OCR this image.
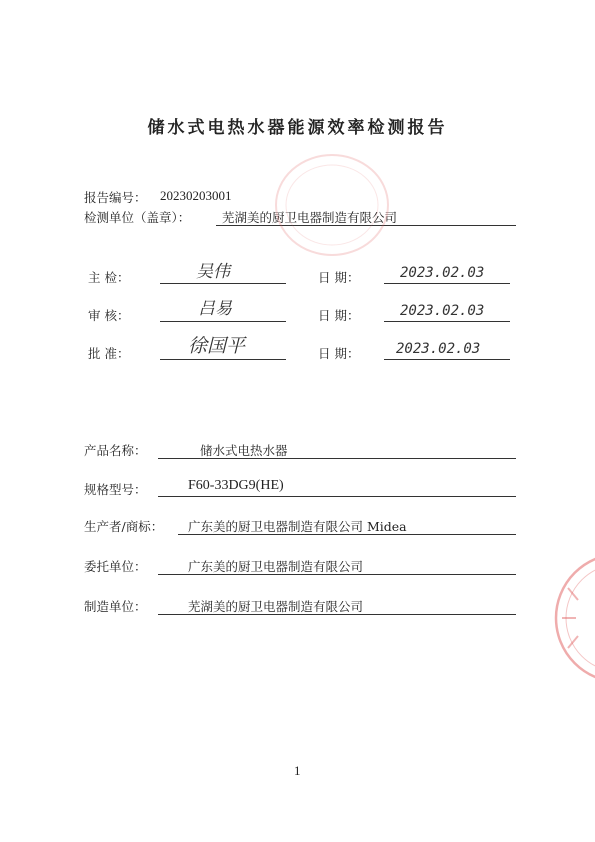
储水式电热水器能源效率检测报告
报告编号： 20230203001
检测单位（盖章）：	芜湖美的厨卫电器制造有限公司
主 检：	吴伟	日 期：	2023.02.03
审 核：	吕易	日 期：	2023.02.03
批 准：	徐国平	日 期：	2023.02.03
产品名称：	储水式电热水器
规格型号：	F60-33DG9(HE)
生产者/商标： 广东美的厨卫电器制造有限公司 Midea
委托单位：	广东美的厨卫电器制造有限公司
制造单位：	芜湖美的厨卫电器制造有限公司
1
